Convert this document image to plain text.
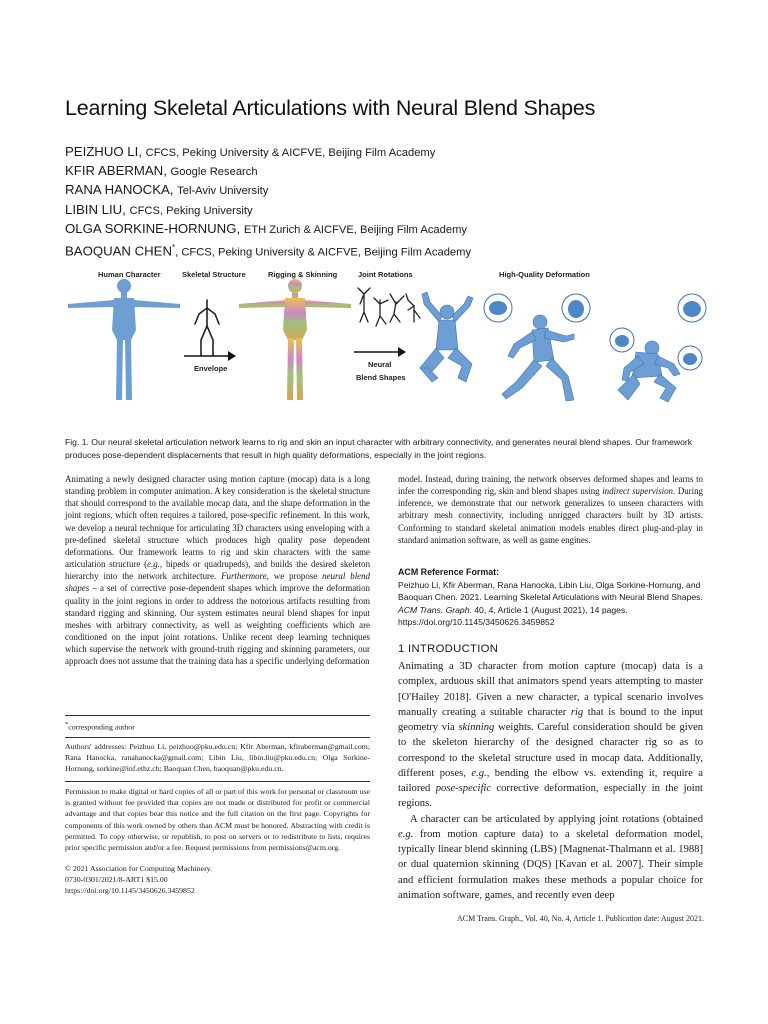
Learning Skeletal Articulations with Neural Blend Shapes
PEIZHUO LI, CFCS, Peking University & AICFVE, Beijing Film Academy
KFIR ABERMAN, Google Research
RANA HANOCKA, Tel-Aviv University
LIBIN LIU, CFCS, Peking University
OLGA SORKINE-HORNUNG, ETH Zurich & AICFVE, Beijing Film Academy
BAOQUAN CHEN*, CFCS, Peking University & AICFVE, Beijing Film Academy
Human Character	Skeletal Structure	Rigging & Skinning	Joint Rotations	High-Quality Deformation
Envelope	Neural
Blend Shapes
Fig. 1. Our neural skeletal articulation network learns to rig and skin an input character with arbitrary connectivity, and generates neural blend shapes. Our framework produces pose-dependent displacements that result in high quality deformations, especially in the joint regions.
Animating a newly designed character using motion capture (mocap) data is a long standing problem in computer animation. A key consideration is the skeletal structure that should correspond to the available mocap data, and the shape deformation in the joint regions, which often requires a tailored, pose-specific refinement. In this work, we develop a neural technique for articulating 3D characters using enveloping with a pre-defined skeletal structure which produces high quality pose dependent deformations. Our framework learns to rig and skin characters with the same articulation structure (e.g., bipeds or quadrupeds), and builds the desired skeleton hierarchy into the network architecture. Furthermore, we propose neural blend shapes – a set of corrective pose-dependent shapes which improve the deformation quality in the joint regions in order to address the notorious artifacts resulting from standard rigging and skinning. Our system estimates neural blend shapes for input meshes with arbitrary connectivity, as well as weighting coefficients which are conditioned on the input joint rotations. Unlike recent deep learning techniques which supervise the network with ground-truth rigging and skinning parameters, our approach does not assume that the training data has a specific underlying deformation
model. Instead, during training, the network observes deformed shapes and learns to infer the corresponding rig, skin and blend shapes using indirect supervision. During inference, we demonstrate that our network generalizes to unseen characters with arbitrary mesh connectivity, including unrigged characters built by 3D artists. Conforming to standard skeletal animation models enables direct plug-and-play in standard animation software, as well as game engines.
ACM Reference Format:
Peizhuo Li, Kfir Aberman, Rana Hanocka, Libin Liu, Olga Sorkine-Hornung, and Baoquan Chen. 2021. Learning Skeletal Articulations with Neural Blend Shapes. ACM Trans. Graph. 40, 4, Article 1 (August 2021), 14 pages. https://doi.org/10.1145/3450626.3459852
1 INTRODUCTION

Animating a 3D character from motion capture (mocap) data is a complex, arduous skill that animators spend years attempting to master [O'Hailey 2018]. Given a new character, a typical scenario involves manually creating a suitable character rig that is bound to the input geometry via skinning weights. Careful consideration should be given to the skeleton hierarchy of the designed character rig so as to correspond to the skeletal structure used in mocap data. Additionally, different poses, e.g., bending the elbow vs. extending it, require a tailored pose-specific corrective deformation, especially in the joint regions.

A character can be articulated by applying joint rotations (obtained e.g. from motion capture data) to a skeletal deformation model, typically linear blend skinning (LBS) [Magnenat-Thalmann et al. 1988] or dual quaternion skinning (DQS) [Kavan et al. 2007]. Their simple and efficient formulation makes these methods a popular choice for animation software, games, and recently even deep

*corresponding author
Authors' addresses: Peizhuo Li, peizhuo@pku.edu.cn; Kfir Aberman, kfiraberman@gmail.com; Rana Hanocka, ranahanocka@gmail.com; Libin Liu, libin.liu@pku.edu.cn; Olga Sorkine-Hornung, sorkine@inf.ethz.ch; Baoquan Chen, baoquan@pku.edu.cn.
Permission to make digital or hard copies of all or part of this work for personal or classroom use is granted without fee provided that copies are not made or distributed for profit or commercial advantage and that copies bear this notice and the full citation on the first page. Copyrights for components of this work owned by others than ACM must be honored. Abstracting with credit is permitted. To copy otherwise, or republish, to post on servers or to redistribute to lists, requires prior specific permission and/or a fee. Request permissions from permissions@acm.org.
© 2021 Association for Computing Machinery.
0730-0301/2021/8-ART1 $15.00
https://doi.org/10.1145/3450626.3459852
ACM Trans. Graph., Vol. 40, No. 4, Article 1. Publication date: August 2021.
